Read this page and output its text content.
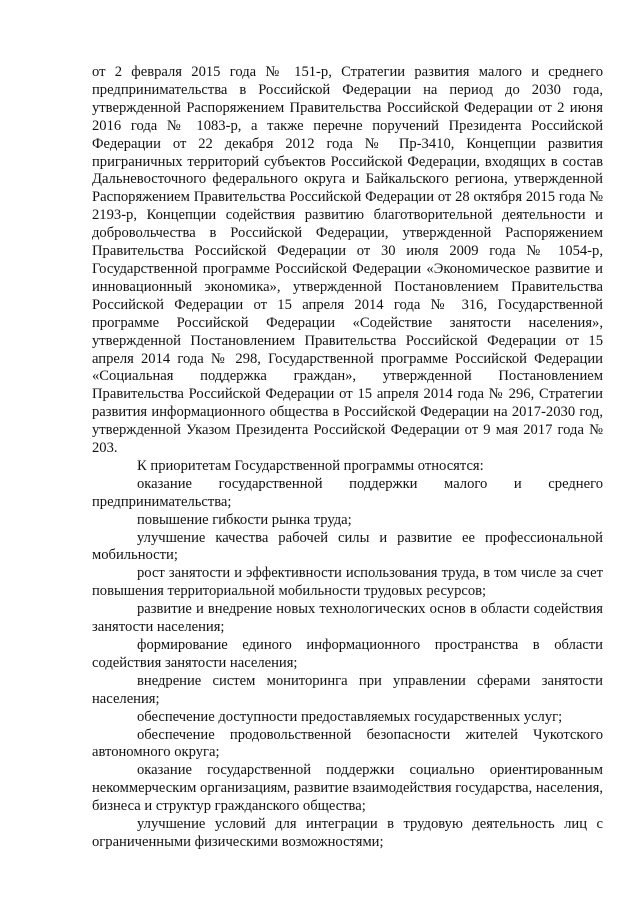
от 2 февраля 2015 года № 151-р, Стратегии развития малого и среднего предпринимательства в Российской Федерации на период до 2030 года, утвержденной Распоряжением Правительства Российской Федерации от 2 июня 2016 года № 1083-р, а также перечне поручений Президента Российской Федерации от 22 декабря 2012 года № Пр-3410, Концепции развития приграничных территорий субъектов Российской Федерации, входящих в состав Дальневосточного федерального округа и Байкальского региона, утвержденной Распоряжением Правительства Российской Федерации от 28 октября 2015 года № 2193-р, Концепции содействия развитию благотворительной деятельности и добровольчества в Российской Федерации, утвержденной Распоряжением Правительства Российской Федерации от 30 июля 2009 года № 1054-р, Государственной программе Российской Федерации «Экономическое развитие и инновационный экономика», утвержденной Постановлением Правительства Российской Федерации от 15 апреля 2014 года № 316, Государственной программе Российской Федерации «Содействие занятости населения», утвержденной Постановлением Правительства Российской Федерации от 15 апреля 2014 года № 298, Государственной программе Российской Федерации «Социальная поддержка граждан», утвержденной Постановлением Правительства Российской Федерации от 15 апреля 2014 года № 296, Стратегии развития информационного общества в Российской Федерации на 2017-2030 год, утвержденной Указом Президента Российской Федерации от 9 мая 2017 года № 203.

К приоритетам Государственной программы относятся:

оказание государственной поддержки малого и среднего предпринимательства;

повышение гибкости рынка труда;

улучшение качества рабочей силы и развитие ее профессиональной мобильности;

рост занятости и эффективности использования труда, в том числе за счет повышения территориальной мобильности трудовых ресурсов;

развитие и внедрение новых технологических основ в области содействия занятости населения;

формирование единого информационного пространства в области содействия занятости населения;

внедрение систем мониторинга при управлении сферами занятости населения;

обеспечение доступности предоставляемых государственных услуг;

обеспечение продовольственной безопасности жителей Чукотского автономного округа;

оказание государственной поддержки социально ориентированным некоммерческим организациям, развитие взаимодействия государства, населения, бизнеса и структур гражданского общества;

улучшение условий для интеграции в трудовую деятельность лиц с ограниченными физическими возможностями;
